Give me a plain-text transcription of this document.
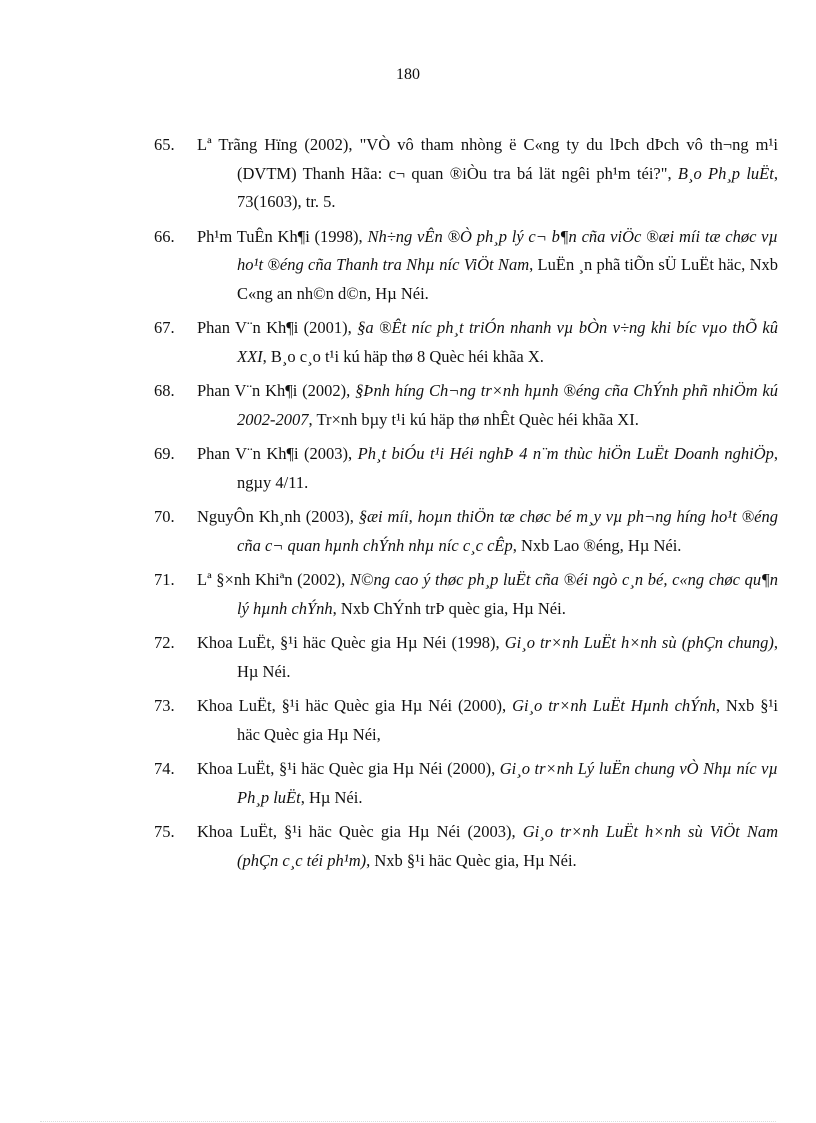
180
65. Lª Trãng Hïng (2002), "VÒ vô tham nhòng ë C«ng ty du lÞch dÞch vô th¬ng m¹i (DVTM) Thanh Hãa: c¬ quan ®iÒu tra bá lät ngêi ph¹m téi?", B¸o Ph¸p luËt, 73(1603), tr. 5.
66. Ph¹m TuÊn Kh¶i (1998), Nh÷ng vÊn ®Ò ph¸p lý c¬ b¶n cña viÖc ®æi míi tæ chøc vµ ho¹t ®éng cña Thanh tra Nhµ níc ViÖt Nam, LuËn ¸n phã tiÕn sÜ LuËt häc, Nxb C«ng an nh©n d©n, Hµ Néi.
67. Phan V¨n Kh¶i (2001), §a ®Êt níc ph¸t triÓn nhanh vµ bÒn v÷ng khi bíc vµo thÕ kû XXI, B¸o c¸o t¹i kú häp thø 8 Quèc héi khãa X.
68. Phan V¨n Kh¶i (2002), §Þnh híng Ch¬ng tr×nh hµnh ®éng cña ChÝnh phñ nhiÖm kú 2002-2007, Tr×nh bµy t¹i kú häp thø nhÊt Quèc héi khãa XI.
69. Phan V¨n Kh¶i (2003), Ph¸t biÓu t¹i Héi nghÞ 4 n¨m thùc hiÖn LuËt Doanh nghiÖp, ngµy 4/11.
70. NguyÔn Kh¸nh (2003), §æi míi, hoµn thiÖn tæ chøc bé m¸y vµ ph¬ng híng ho¹t ®éng cña c¬ quan hµnh chÝnh nhµ níc c¸c cÊp, Nxb Lao ®éng, Hµ Néi.
71. Lª §×nh Khiªn (2002), N©ng cao ý thøc ph¸p luËt cña ®éi ngò c¸n bé, c«ng chøc qu¶n lý hµnh chÝnh, Nxb ChÝnh trÞ quèc gia, Hµ Néi.
72. Khoa LuËt, §¹i häc Quèc gia Hµ Néi (1998), Gi¸o tr×nh LuËt h×nh sù (phÇn chung), Hµ Néi.
73. Khoa LuËt, §¹i häc Quèc gia Hµ Néi (2000), Gi¸o tr×nh LuËt Hµnh chÝnh, Nxb §¹i häc Quèc gia Hµ Néi,
74. Khoa LuËt, §¹i häc Quèc gia Hµ Néi (2000), Gi¸o tr×nh Lý luËn chung vÒ Nhµ níc vµ Ph¸p luËt, Hµ Néi.
75. Khoa LuËt, §¹i häc Quèc gia Hµ Néi (2003), Gi¸o tr×nh LuËt h×nh sù ViÖt Nam (phÇn c¸c téi ph¹m), Nxb §¹i häc Quèc gia, Hµ Néi.
